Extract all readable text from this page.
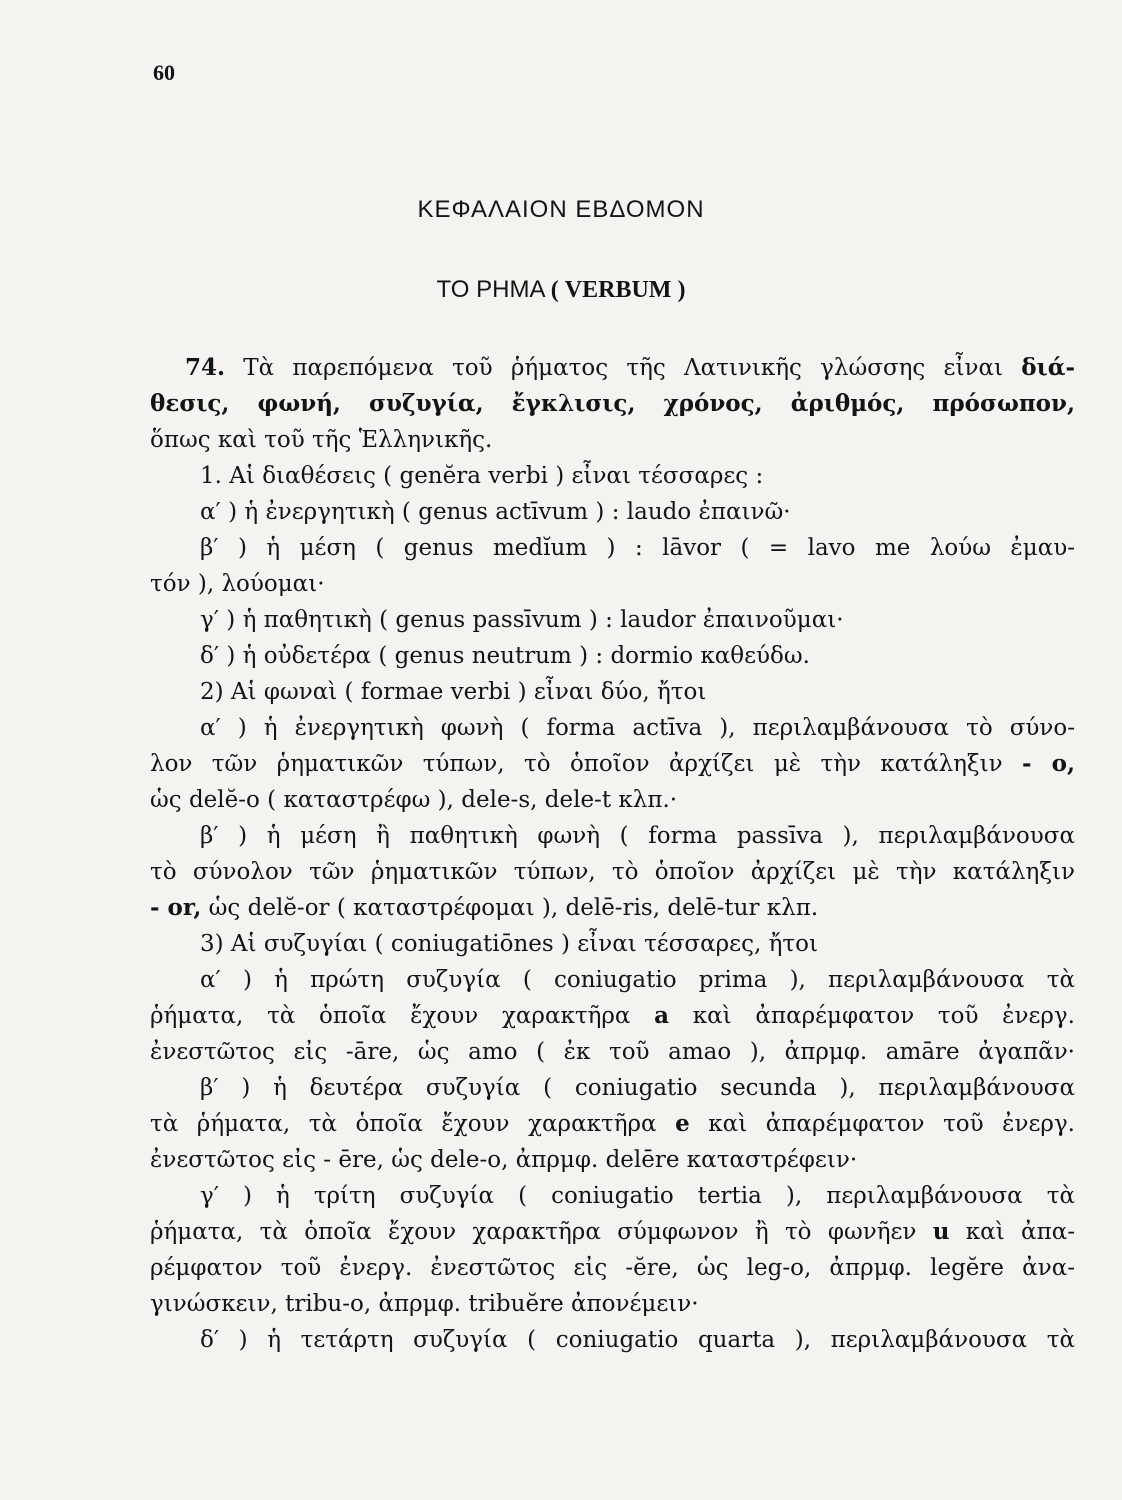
60
ΚΕΦΑΛΑΙΟΝ ΕΒΔΟΜΟΝ
ΤΟ ΡΗΜΑ ( VERBUM )
74. Τὰ παρεπόμενα τοῦ ῥήματος τῆς Λατινικῆς γλώσσης εἶναι διά-
θεσις, φωνή, συζυγία, ἔγκλισις, χρόνος, ἀριθμός, πρόσωπον,
ὅπως καὶ τοῦ τῆς Ἑλληνικῆς.
1. Αἱ διαθέσεις ( genĕra verbi ) εἶναι τέσσαρες :
α′ ) ἡ ἐνεργητικὴ ( genus actīvum ) : laudo ἐπαινῶ·
β′ ) ἡ μέση ( genus medĭum ) : lāvor ( = lavo me λούω ἐμαυ-
τόν ), λούομαι·
γ′ ) ἡ παθητικὴ ( genus passīvum ) : laudor ἐπαινοῦμαι·
δ′ ) ἡ οὐδετέρα ( genus neutrum ) : dormio καθεύδω.
2) Αἱ φωναὶ ( formae verbi ) εἶναι δύο, ἤτοι
α′ ) ἡ ἐνεργητικὴ φωνὴ ( forma actīva ), περιλαμβάνουσα τὸ σύνο-
λον τῶν ῥηματικῶν τύπων, τὸ ὁποῖον ἀρχίζει μὲ τὴν κατάληξιν - o,
ὡς delĕ-o ( καταστρέφω ), dele-s, dele-t κλπ.·
β′ ) ἡ μέση ἢ παθητικὴ φωνὴ ( forma passīva ), περιλαμβάνουσα
τὸ σύνολον τῶν ῥηματικῶν τύπων, τὸ ὁποῖον ἀρχίζει μὲ τὴν κατάληξιν
- or, ὡς delĕ-or ( καταστρέφομαι ), delē-ris, delē-tur κλπ.
3) Αἱ συζυγίαι ( coniugatiōnes ) εἶναι τέσσαρες, ἤτοι
α′ ) ἡ πρώτη συζυγία ( coniugatio prima ), περιλαμβάνουσα τὰ
ῥήματα, τὰ ὁποῖα ἔχουν χαρακτῆρα a καὶ ἀπαρέμφατον τοῦ ἐνεργ.
ἐνεστῶτος εἰς -āre, ὡς amo ( ἐκ τοῦ amao ), ἀπρμφ. amāre ἀγαπᾶν·
β′ ) ἡ δευτέρα συζυγία ( coniugatio secunda ), περιλαμβάνουσα
τὰ ῥήματα, τὰ ὁποῖα ἔχουν χαρακτῆρα e καὶ ἀπαρέμφατον τοῦ ἐνεργ.
ἐνεστῶτος εἰς - ēre, ὡς dele-o, ἀπρμφ. delēre καταστρέφειν·
γ′ ) ἡ τρίτη συζυγία ( coniugatio tertia ), περιλαμβάνουσα τὰ
ῥήματα, τὰ ὁποῖα ἔχουν χαρακτῆρα σύμφωνον ἢ τὸ φωνῆεν u καὶ ἀπα-
ρέμφατον τοῦ ἐνεργ. ἐνεστῶτος εἰς -ĕre, ὡς leg-o, ἀπρμφ. legĕre ἀνα-
γινώσκειν, tribu-o, ἀπρμφ. tribuĕre ἀπονέμειν·
δ′ ) ἡ τετάρτη συζυγία ( coniugatio quarta ), περιλαμβάνουσα τὰ
